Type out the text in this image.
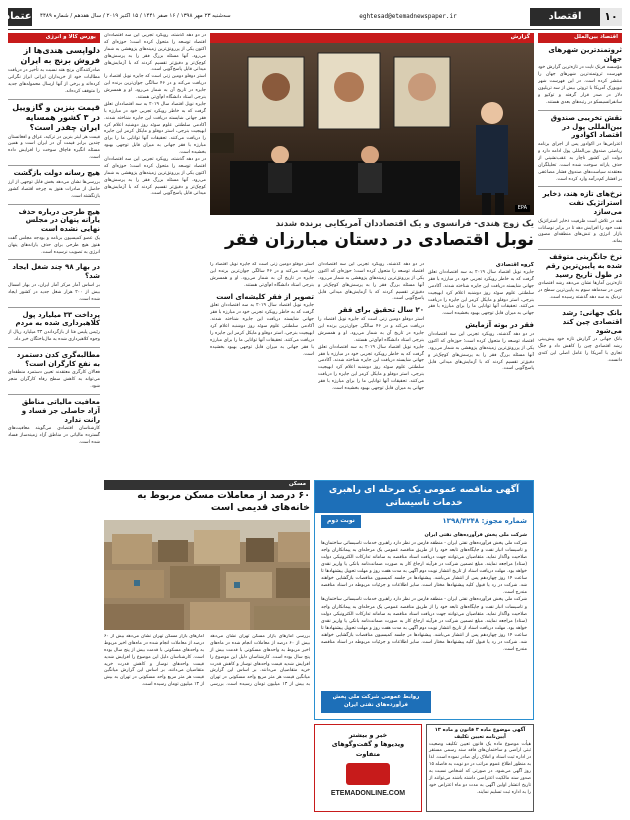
۱۰
اقتصاد
eghtesad@etemadnewspaper.ir
سه‌شنبه ۲۳ مهر ۱۳۹۸ / ۱۶ صفر ۱۴۴۱ / ۱۵ اکتبر ۲۰۱۹ / سال هفدهم / شماره ۴۴۸۹
اعتماد
اقتصاد بین‌الملل
ثروتمندترین شهرهای جهان
مؤسسه فرنک نایت در تازه‌ترین گزارش خود فهرست ثروتمندترین شهرهای جهان را منتشر کرده است. در این فهرست شهر نیویورک آمریکا با ثروتی بیش از سه تریلیون دلار در صدر قرار گرفته و توکیو و سانفرانسیسکو در رتبه‌های بعدی هستند.
نقش تخریبی صندوق بین‌المللی پول در اقتصاد اکوادور
اعتراض‌ها در اکوادور پس از اجرای برنامه ریاضتی صندوق بین‌المللی پول ادامه دارد و دولت این کشور ناچار به عقب‌نشینی از حذف یارانه سوخت شده است. تحلیلگران معتقدند سیاست‌های صندوق فشار مضاعفی بر اقشار کم‌درآمد وارد کرده است.
نرخ‌های تازه هند، ذخایر استراتژیک نفت می‌سازد
هند در تلاش است ظرفیت ذخایر استراتژیک نفت خود را افزایش دهد تا در برابر نوسانات بازار انرژی و تنش‌های منطقه‌ای مصون بماند.
نرخ جانگزینی متوقف شده به پایین‌ترین رقم در طول تاریخ رسید
تازه‌ترین آمارها نشان می‌دهد رشد اقتصادی چین در سه‌ماهه سوم به پایین‌ترین سطح در نزدیک به سه دهه گذشته رسیده است.
بانک جهانی: رشد اقتصادی چین کند می‌شود
بانک جهانی در گزارش تازه خود پیش‌بینی رشد اقتصادی چین را کاهش داد و جنگ تجاری با آمریکا را عامل اصلی این کندی دانست.
بورس کالا و انرژی
دلواپسی هندی‌ها از فروش برنج به ایران
صادرکنندگان برنج هند نسبت به تأخیر در دریافت مطالبات خود از خریداران ایرانی ابراز نگرانی کرده‌اند و برخی از آنها ارسال محموله‌های جدید را متوقف کرده‌اند.
قیمت بنزین و گازوییل در ۳ کشور همسایه ایران چقدر است؟
قیمت هر لیتر بنزین در ترکیه، عراق و افغانستان چندین برابر قیمت آن در ایران است و همین مسئله انگیزه قاچاق سوخت را افزایش داده است.
هیچ رسانه دولت بازگشت
بررسی‌ها نشان می‌دهد بخش قابل توجهی از ارز حاصل از صادرات هنوز به چرخه اقتصاد کشور بازنگشته است.
هیچ طرحی درباره حذف یارانه پنهان در مجلس نهایی نشده است
یک عضو کمیسیون برنامه و بودجه مجلس گفت هنوز هیچ طرحی برای حذف یارانه‌های پنهان انرژی به تصویب نرسیده است.
در بهار ۹۸ چند شغل ایجاد شد؟
بر اساس آمار مرکز آمار ایران، در بهار امسال بیش از ۲۰۰ هزار شغل جدید در کشور ایجاد شده است.
پرداخت ۳۳ میلیارد پول کلاهبرداری شده به مردم
رئیس پلیس فتا از بازگرداندن ۳۳ میلیارد ریال از وجوه کلاهبرداری شده به مال‌باختگان خبر داد.
مطالبه‌گری کدن دستمزد به نفع کارگران است؟
فعالان کارگری معتقدند تعیین دستمزد منطقه‌ای می‌تواند به کاهش سطح رفاه کارگران منجر شود.
معافیت مالیاتی مناطق آزاد حاصلی جز فساد و رانت ندارد
کارشناسان اقتصادی می‌گویند معافیت‌های گسترده مالیاتی در مناطق آزاد زمینه‌ساز فساد شده است.
گزارش
EPA
یک زوج هندی- فرانسوی و یک اقتصاددان آمریکایی برنده شدند
نوبل اقتصادی در دستان مبارزان فقر
گروه اقتصادی
جایزه نوبل اقتصاد سال ۲۰۱۹ به سه اقتصاددان تعلق گرفت که به خاطر رویکرد تجربی خود در مبارزه با فقر جهانی شایسته دریافت این جایزه شناخته شدند. آکادمی سلطنتی علوم سوئد روز دوشنبه اعلام کرد ابهیجیت بنرجی، استر دوفلو و مایکل کرمر این جایزه را دریافت می‌کنند. تحقیقات آنها توانایی ما را برای مبارزه با فقر جهانی به میزان قابل توجهی بهبود بخشیده است.
فقر در بوته آزمایش
در دو دهه گذشته، رویکرد تجربی این سه اقتصاددان اقتصاد توسعه را متحول کرده است؛ حوزه‌ای که اکنون یکی از پررونق‌ترین زمینه‌های پژوهشی به شمار می‌رود. آنها مسئله بزرگ فقر را به پرسش‌های کوچک‌تر و دقیق‌تر تقسیم کردند که با آزمایش‌های میدانی قابل پاسخ‌گویی است.
در دو دهه گذشته، رویکرد تجربی این سه اقتصاددان اقتصاد توسعه را متحول کرده است؛ حوزه‌ای که اکنون یکی از پررونق‌ترین زمینه‌های پژوهشی به شمار می‌رود. آنها مسئله بزرگ فقر را به پرسش‌های کوچک‌تر و دقیق‌تر تقسیم کردند که با آزمایش‌های میدانی قابل پاسخ‌گویی است.
۲۰ سال تحقیق برای فقر
استر دوفلو دومین زنی است که جایزه نوبل اقتصاد را دریافت می‌کند و در ۴۶ سالگی جوان‌ترین برنده این جایزه در تاریخ آن به شمار می‌رود. او و همسرش بنرجی استاد دانشگاه ام‌آی‌تی هستند.
جایزه نوبل اقتصاد سال ۲۰۱۹ به سه اقتصاددان تعلق گرفت که به خاطر رویکرد تجربی خود در مبارزه با فقر جهانی شایسته دریافت این جایزه شناخته شدند. آکادمی سلطنتی علوم سوئد روز دوشنبه اعلام کرد ابهیجیت بنرجی، استر دوفلو و مایکل کرمر این جایزه را دریافت می‌کنند. تحقیقات آنها توانایی ما را برای مبارزه با فقر جهانی به میزان قابل توجهی بهبود بخشیده است.
استر دوفلو دومین زنی است که جایزه نوبل اقتصاد را دریافت می‌کند و در ۴۶ سالگی جوان‌ترین برنده این جایزه در تاریخ آن به شمار می‌رود. او و همسرش بنرجی استاد دانشگاه ام‌آی‌تی هستند.
تصویر از فقر کلیشه‌ای است
جایزه نوبل اقتصاد سال ۲۰۱۹ به سه اقتصاددان تعلق گرفت که به خاطر رویکرد تجربی خود در مبارزه با فقر جهانی شایسته دریافت این جایزه شناخته شدند. آکادمی سلطنتی علوم سوئد روز دوشنبه اعلام کرد ابهیجیت بنرجی، استر دوفلو و مایکل کرمر این جایزه را دریافت می‌کنند. تحقیقات آنها توانایی ما را برای مبارزه با فقر جهانی به میزان قابل توجهی بهبود بخشیده است.
در دو دهه گذشته، رویکرد تجربی این سه اقتصاددان اقتصاد توسعه را متحول کرده است؛ حوزه‌ای که اکنون یکی از پررونق‌ترین زمینه‌های پژوهشی به شمار می‌رود. آنها مسئله بزرگ فقر را به پرسش‌های کوچک‌تر و دقیق‌تر تقسیم کردند که با آزمایش‌های میدانی قابل پاسخ‌گویی است.
استر دوفلو دومین زنی است که جایزه نوبل اقتصاد را دریافت می‌کند و در ۴۶ سالگی جوان‌ترین برنده این جایزه در تاریخ آن به شمار می‌رود. او و همسرش بنرجی استاد دانشگاه ام‌آی‌تی هستند.
جایزه نوبل اقتصاد سال ۲۰۱۹ به سه اقتصاددان تعلق گرفت که به خاطر رویکرد تجربی خود در مبارزه با فقر جهانی شایسته دریافت این جایزه شناخته شدند. آکادمی سلطنتی علوم سوئد روز دوشنبه اعلام کرد ابهیجیت بنرجی، استر دوفلو و مایکل کرمر این جایزه را دریافت می‌کنند. تحقیقات آنها توانایی ما را برای مبارزه با فقر جهانی به میزان قابل توجهی بهبود بخشیده است.
در دو دهه گذشته، رویکرد تجربی این سه اقتصاددان اقتصاد توسعه را متحول کرده است؛ حوزه‌ای که اکنون یکی از پررونق‌ترین زمینه‌های پژوهشی به شمار می‌رود. آنها مسئله بزرگ فقر را به پرسش‌های کوچک‌تر و دقیق‌تر تقسیم کردند که با آزمایش‌های میدانی قابل پاسخ‌گویی است.
مسکن
۶۰ درصد از معاملات مسکن مربوط به خانه‌های قدیمی است
بررسی آمارهای بازار مسکن تهران نشان می‌دهد بیش از ۶۰ درصد از معاملات انجام شده در ماه‌های اخیر مربوط به واحدهای مسکونی با قدمت بیش از پنج سال بوده است. کارشناسان دلیل این موضوع را افزایش شدید قیمت واحدهای نوساز و کاهش قدرت خرید متقاضیان می‌دانند. بر اساس این گزارش میانگین قیمت هر متر مربع واحد مسکونی در تهران به بیش از ۱۳ میلیون تومان رسیده است. بررسی آمارهای بازار مسکن تهران نشان می‌دهد بیش از ۶۰ درصد از معاملات انجام شده در ماه‌های اخیر مربوط به واحدهای مسکونی با قدمت بیش از پنج سال بوده است. کارشناسان دلیل این موضوع را افزایش شدید قیمت واحدهای نوساز و کاهش قدرت خرید متقاضیان می‌دانند. بر اساس این گزارش میانگین قیمت هر متر مربع واحد مسکونی در تهران به بیش از ۱۳ میلیون تومان رسیده است.
آگهی مناقصه عمومی یک مرحله ای راهبری خدمات تاسیساتی
شماره مجوز: ۱۳۹۸/۴۲۴۸
نوبت دوم
شرکت ملی پخش فرآورده‌های نفتی ایران
شرکت ملی پخش فرآورده‌های نفتی ایران - منطقه فارس در نظر دارد راهبری خدمات تاسیساتی ساختمان‌ها و تاسیسات انبار نفت و جایگاه‌های تابعه خود را از طریق مناقصه عمومی یک مرحله‌ای به پیمانکاران واجد صلاحیت واگذار نماید. متقاضیان می‌توانند جهت دریافت اسناد مناقصه به سامانه تدارکات الکترونیکی دولت (ستاد) مراجعه نمایند. مبلغ تضمین شرکت در فرآیند ارجاع کار به صورت ضمانت‌نامه بانکی یا واریز نقدی خواهد بود. مهلت دریافت اسناد از تاریخ انتشار نوبت دوم آگهی به مدت هفت روز و مهلت تحویل پیشنهادها تا ساعت ۱۴ روز چهاردهم پس از انتشار می‌باشد. پیشنهادها در جلسه کمیسیون مناقصات بازگشایی خواهند شد. شرکت در رد یا قبول کلیه پیشنهادها مختار است. سایر اطلاعات و جزئیات مربوطه در اسناد مناقصه مندرج است.
شرکت ملی پخش فرآورده‌های نفتی ایران - منطقه فارس در نظر دارد راهبری خدمات تاسیساتی ساختمان‌ها و تاسیسات انبار نفت و جایگاه‌های تابعه خود را از طریق مناقصه عمومی یک مرحله‌ای به پیمانکاران واجد صلاحیت واگذار نماید. متقاضیان می‌توانند جهت دریافت اسناد مناقصه به سامانه تدارکات الکترونیکی دولت (ستاد) مراجعه نمایند. مبلغ تضمین شرکت در فرآیند ارجاع کار به صورت ضمانت‌نامه بانکی یا واریز نقدی خواهد بود. مهلت دریافت اسناد از تاریخ انتشار نوبت دوم آگهی به مدت هفت روز و مهلت تحویل پیشنهادها تا ساعت ۱۴ روز چهاردهم پس از انتشار می‌باشد. پیشنهادها در جلسه کمیسیون مناقصات بازگشایی خواهند شد. شرکت در رد یا قبول کلیه پیشنهادها مختار است. سایر اطلاعات و جزئیات مربوطه در اسناد مناقصه مندرج است.
روابط عمومی شرکت ملی پخش فرآورده‌های نفتی ایران
آگهی موضوع ماده ۳ قانون و ماده ۱۳ آیین‌نامه تعیین تکلیف
هیأت موضوع ماده یک قانون تعیین تکلیف وضعیت ثبتی اراضی و ساختمان‌های فاقد سند رسمی مستقر در اداره ثبت اسناد و املاک رأی صادر نموده است. لذا به منظور اطلاع عموم مراتب در دو نوبت به فاصله ۱۵ روز آگهی می‌شود. در صورتی که اشخاص نسبت به صدور سند مالکیت اعتراضی داشته باشند می‌توانند از تاریخ انتشار اولین آگهی به مدت دو ماه اعتراض خود را به اداره ثبت تسلیم نمایند.
خبر و بیشتر
ویدیوها و گفت‌وگوهای
متفاوت
ETEMADONLINE.COM
